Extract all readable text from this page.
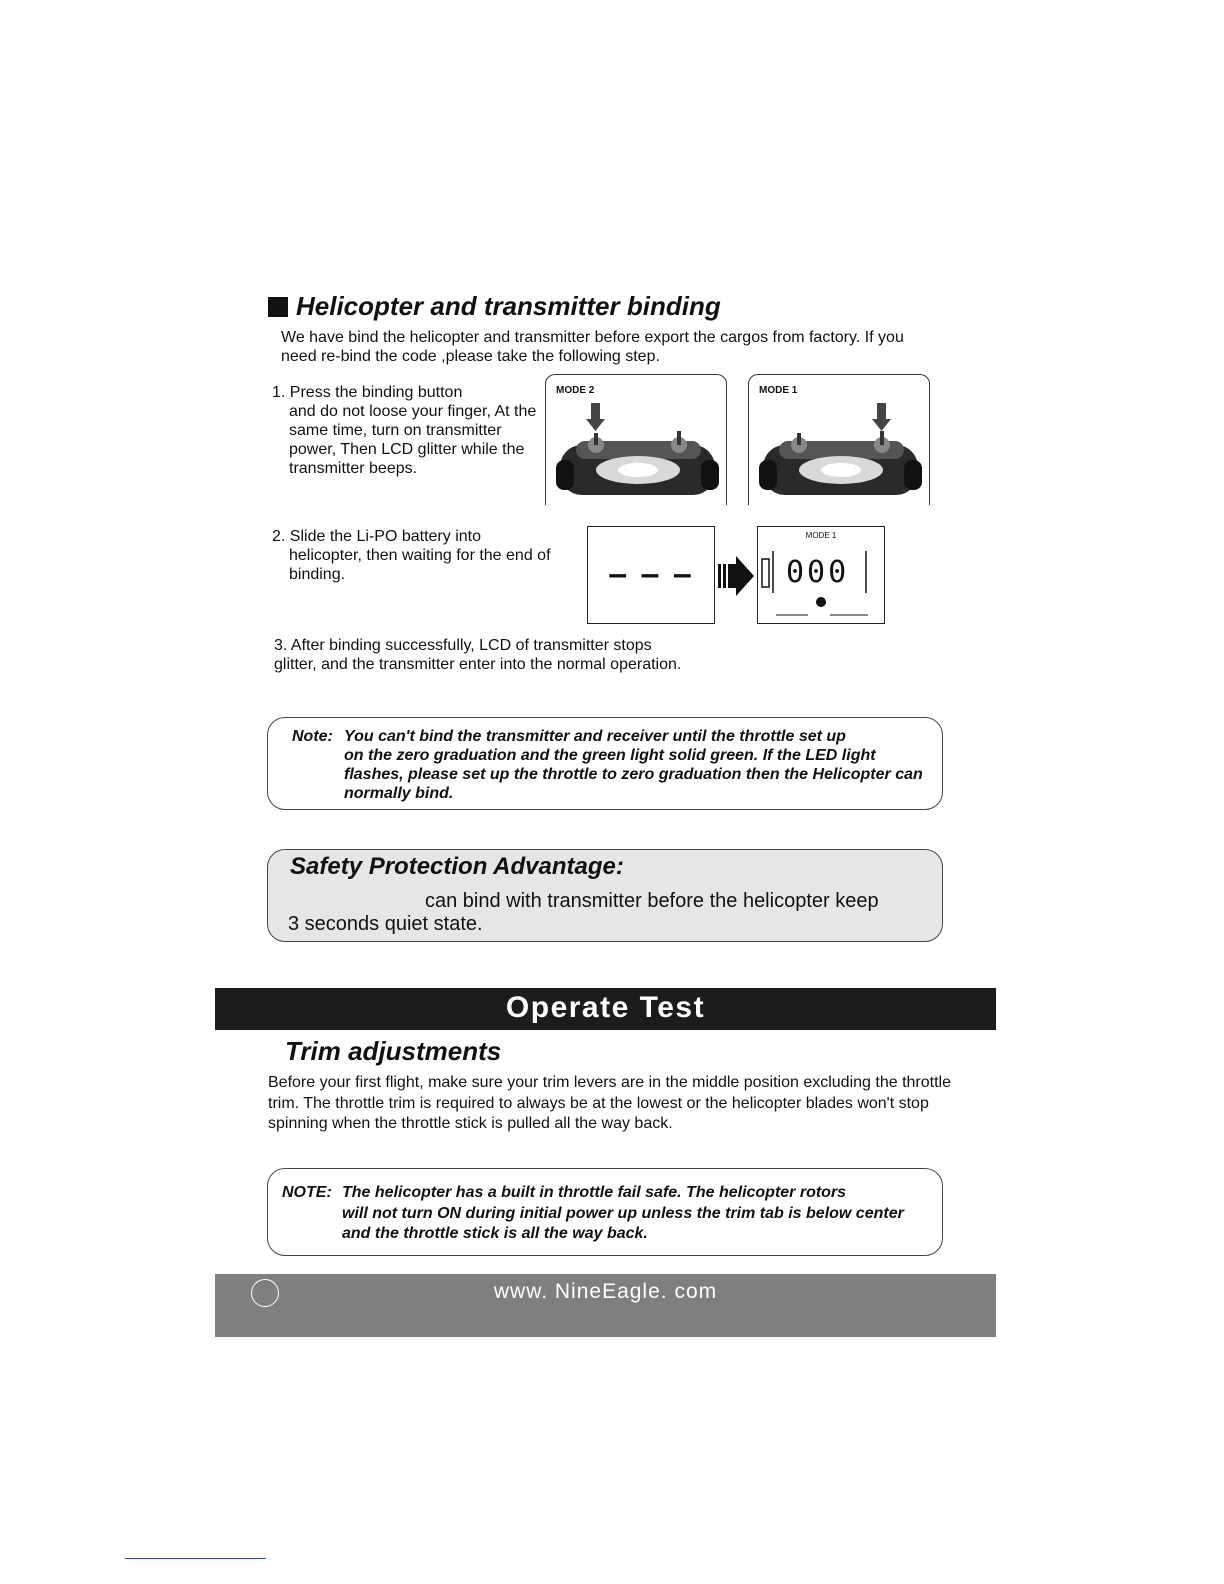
Helicopter and transmitter binding
We have bind the helicopter and transmitter before export the cargos from factory. If you need re-bind the code ,please take the following step.
1. Press the binding button
and do not loose your finger, At the same time, turn on transmitter power, Then LCD glitter while the transmitter beeps.
MODE 2	MODE 1
2. Slide the Li-PO battery into
helicopter, then waiting for the end of binding.	– – –
MODE 1
000
3. After binding successfully, LCD of transmitter stops glitter, and the transmitter enter into the normal operation.
Note: You can't bind the transmitter and receiver until the throttle set up
on the zero graduation and the green light solid green. If the LED light flashes, please set up the throttle to zero graduation then the Helicopter can normally bind.
Safety Protection Advantage:
can bind with transmitter before the helicopter keep
3 seconds quiet state.
Operate Test
Trim adjustments
Before your first flight, make sure your trim levers are in the middle position excluding the throttle trim. The throttle trim is required to always be at the lowest or the helicopter blades won't stop spinning when the throttle stick is pulled all the way back.
NOTE: The helicopter has a built in throttle fail safe. The helicopter rotors
will not turn ON during initial power up unless the trim tab is below center and the throttle stick is all the way back.
www. NineEagle. com
